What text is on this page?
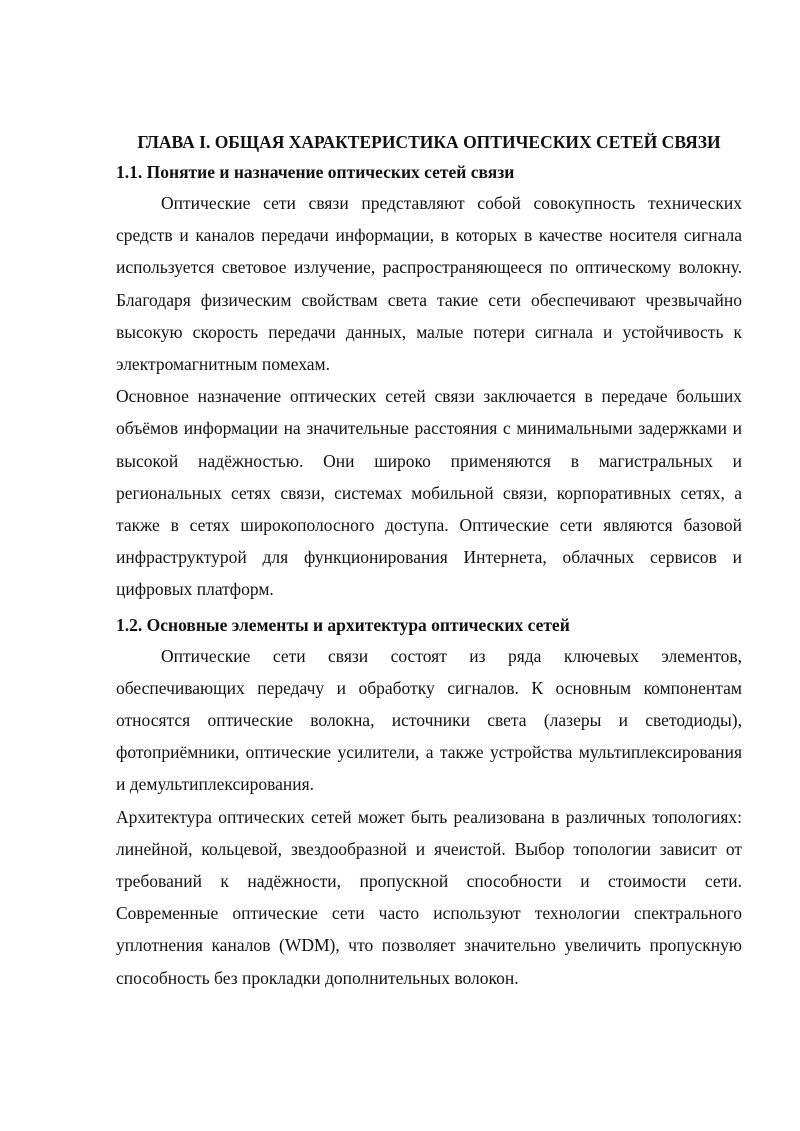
ГЛАВА I. ОБЩАЯ ХАРАКТЕРИСТИКА ОПТИЧЕСКИХ СЕТЕЙ СВЯЗИ
1.1. Понятие и назначение оптических сетей связи

Оптические сети связи представляют собой совокупность технических средств и каналов передачи информации, в которых в качестве носителя сигнала используется световое излучение, распространяющееся по оптическому волокну. Благодаря физическим свойствам света такие сети обеспечивают чрезвычайно высокую скорость передачи данных, малые потери сигнала и устойчивость к электромагнитным помехам.

Основное назначение оптических сетей связи заключается в передаче больших объёмов информации на значительные расстояния с минимальными задержками и высокой надёжностью. Они широко применяются в магистральных и региональных сетях связи, системах мобильной связи, корпоративных сетях, а также в сетях широкополосного доступа. Оптические сети являются базовой инфраструктурой для функционирования Интернета, облачных сервисов и цифровых платформ.

1.2. Основные элементы и архитектура оптических сетей

Оптические сети связи состоят из ряда ключевых элементов, обеспечивающих передачу и обработку сигналов. К основным компонентам относятся оптические волокна, источники света (лазеры и светодиоды), фотоприёмники, оптические усилители, а также устройства мультиплексирования и демультиплексирования.

Архитектура оптических сетей может быть реализована в различных топологиях: линейной, кольцевой, звездообразной и ячеистой. Выбор топологии зависит от требований к надёжности, пропускной способности и стоимости сети. Современные оптические сети часто используют технологии спектрального уплотнения каналов (WDM), что позволяет значительно увеличить пропускную способность без прокладки дополнительных волокон.
